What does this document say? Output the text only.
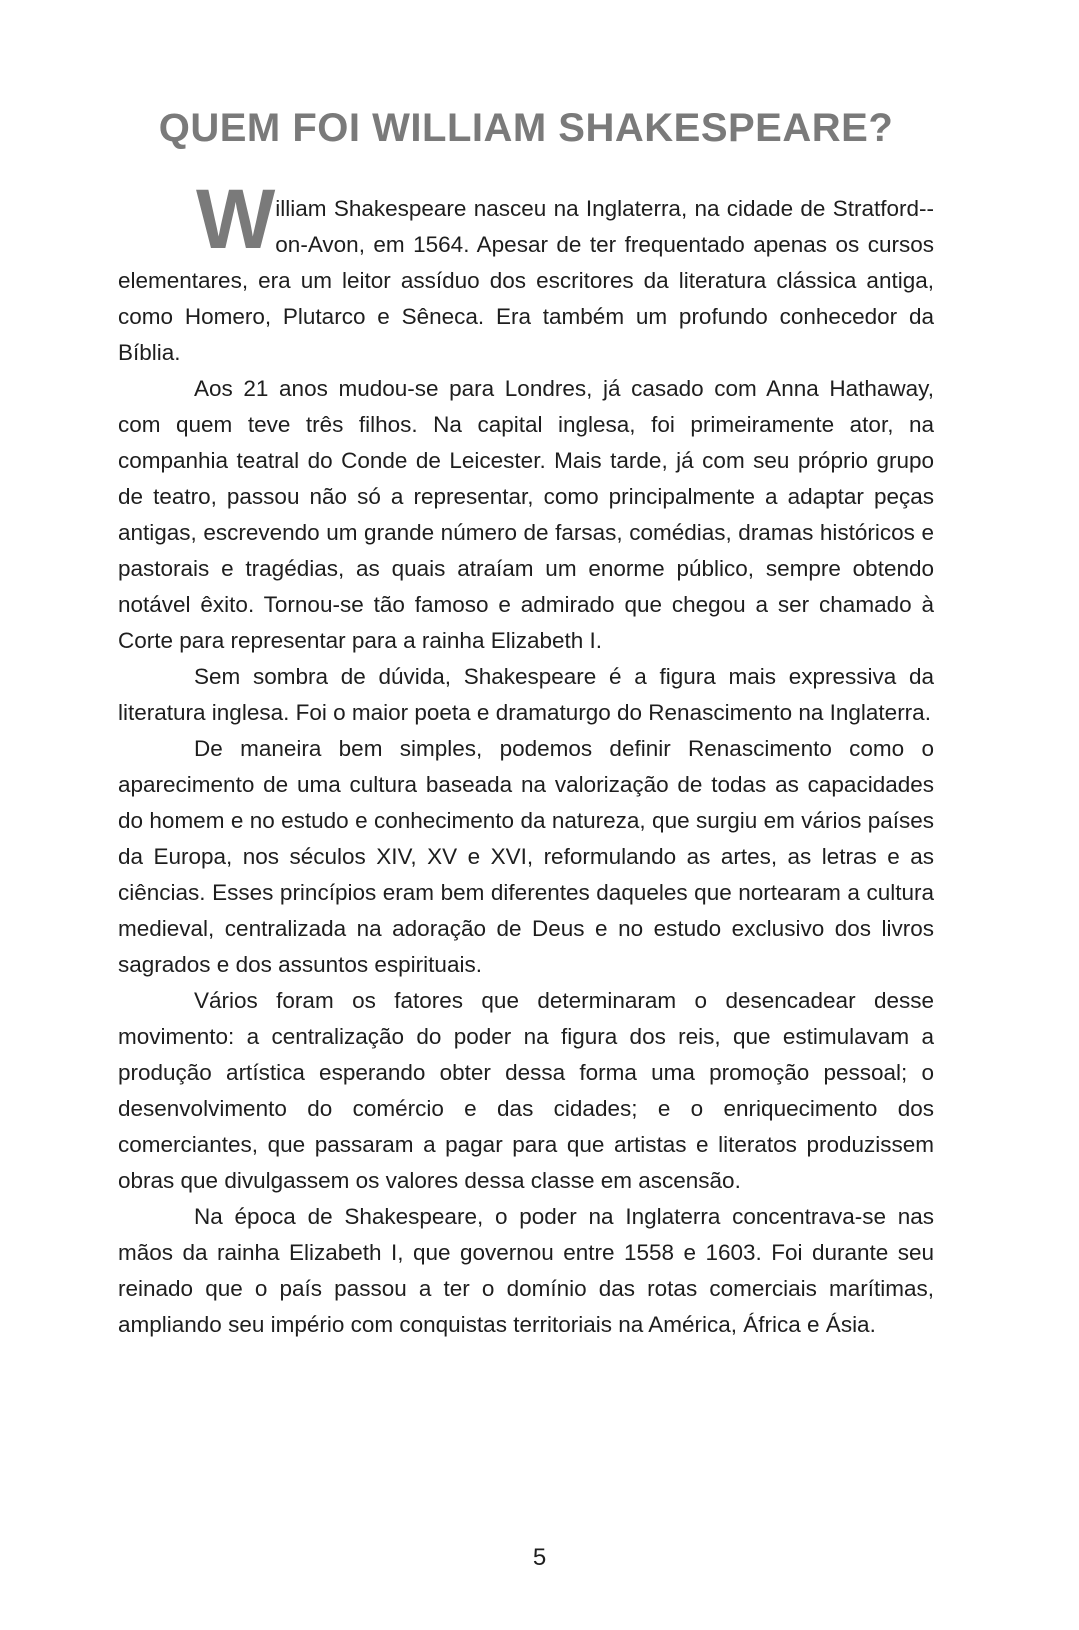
QUEM FOI WILLIAM SHAKESPEARE?

William Shakespeare nasceu na Inglaterra, na cidade de Stratford--on-Avon, em 1564. Apesar de ter frequentado apenas os cursos elementares, era um leitor assíduo dos escritores da literatura clássica antiga, como Homero, Plutarco e Sêneca. Era também um profundo conhecedor da Bíblia.

Aos 21 anos mudou-se para Londres, já casado com Anna Hathaway, com quem teve três filhos. Na capital inglesa, foi primeiramente ator, na companhia teatral do Conde de Leicester. Mais tarde, já com seu próprio grupo de teatro, passou não só a representar, como principalmente a adaptar peças antigas, escrevendo um grande número de farsas, comédias, dramas históricos e pastorais e tragédias, as quais atraíam um enorme público, sempre obtendo notável êxito. Tornou-se tão famoso e admirado que chegou a ser chamado à Corte para representar para a rainha Elizabeth I.

Sem sombra de dúvida, Shakespeare é a figura mais expressiva da literatura inglesa. Foi o maior poeta e dramaturgo do Renascimento na Inglaterra.

De maneira bem simples, podemos definir Renascimento como o aparecimento de uma cultura baseada na valorização de todas as capacidades do homem e no estudo e conhecimento da natureza, que surgiu em vários países da Europa, nos séculos XIV, XV e XVI, reformulando as artes, as letras e as ciências. Esses princípios eram bem diferentes daqueles que nortearam a cultura medieval, centralizada na adoração de Deus e no estudo exclusivo dos livros sagrados e dos assuntos espirituais.

Vários foram os fatores que determinaram o desencadear desse movimento: a centralização do poder na figura dos reis, que estimulavam a produção artística esperando obter dessa forma uma promoção pessoal; o desenvolvimento do comércio e das cidades; e o enriquecimento dos comerciantes, que passaram a pagar para que artistas e literatos produzissem obras que divulgassem os valores dessa classe em ascensão.

Na época de Shakespeare, o poder na Inglaterra concentrava-se nas mãos da rainha Elizabeth I, que governou entre 1558 e 1603. Foi durante seu reinado que o país passou a ter o domínio das rotas comerciais marítimas, ampliando seu império com conquistas territoriais na América, África e Ásia.

5
